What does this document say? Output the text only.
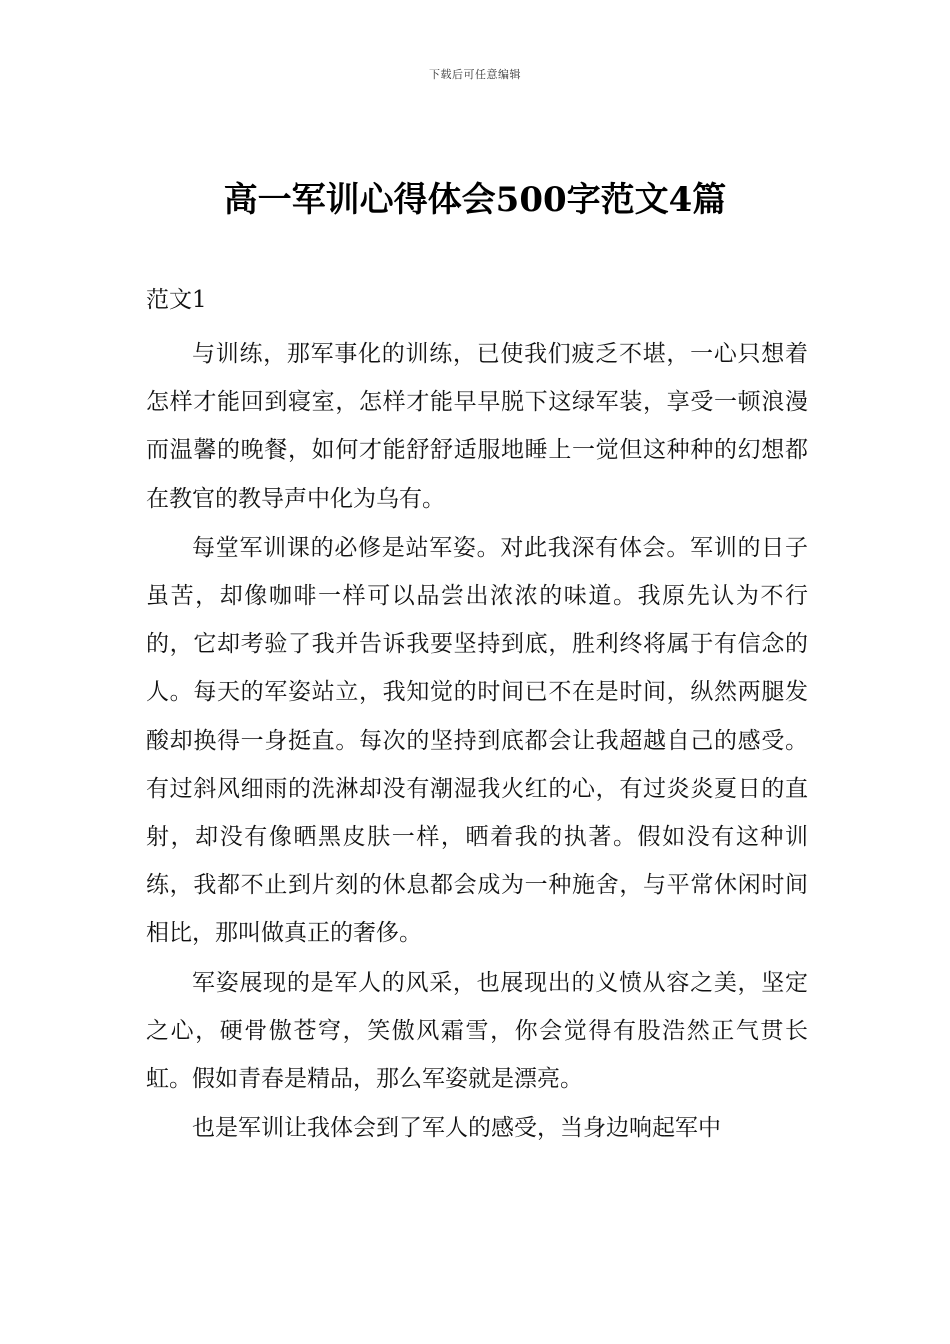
下载后可任意编辑
高一军训心得体会500字范文4篇
范文1

与训练，那军事化的训练，已使我们疲乏不堪，一心只想着怎样才能回到寝室，怎样才能早早脱下这绿军装，享受一顿浪漫而温馨的晚餐，如何才能舒舒适服地睡上一觉但这种种的幻想都在教官的教导声中化为乌有。

每堂军训课的必修是站军姿。对此我深有体会。军训的日子虽苦，却像咖啡一样可以品尝出浓浓的味道。我原先认为不行的，它却考验了我并告诉我要坚持到底，胜利终将属于有信念的人。每天的军姿站立，我知觉的时间已不在是时间，纵然两腿发酸却换得一身挺直。每次的坚持到底都会让我超越自己的感受。有过斜风细雨的洗淋却没有潮湿我火红的心，有过炎炎夏日的直射，却没有像晒黑皮肤一样，晒着我的执著。假如没有这种训练，我都不止到片刻的休息都会成为一种施舍，与平常休闲时间相比，那叫做真正的奢侈。

军姿展现的是军人的风采，也展现出的义愤从容之美，坚定之心，硬骨傲苍穹，笑傲风霜雪，你会觉得有股浩然正气贯长虹。假如青春是精品，那么军姿就是漂亮。

也是军训让我体会到了军人的感受，当身边响起军中
